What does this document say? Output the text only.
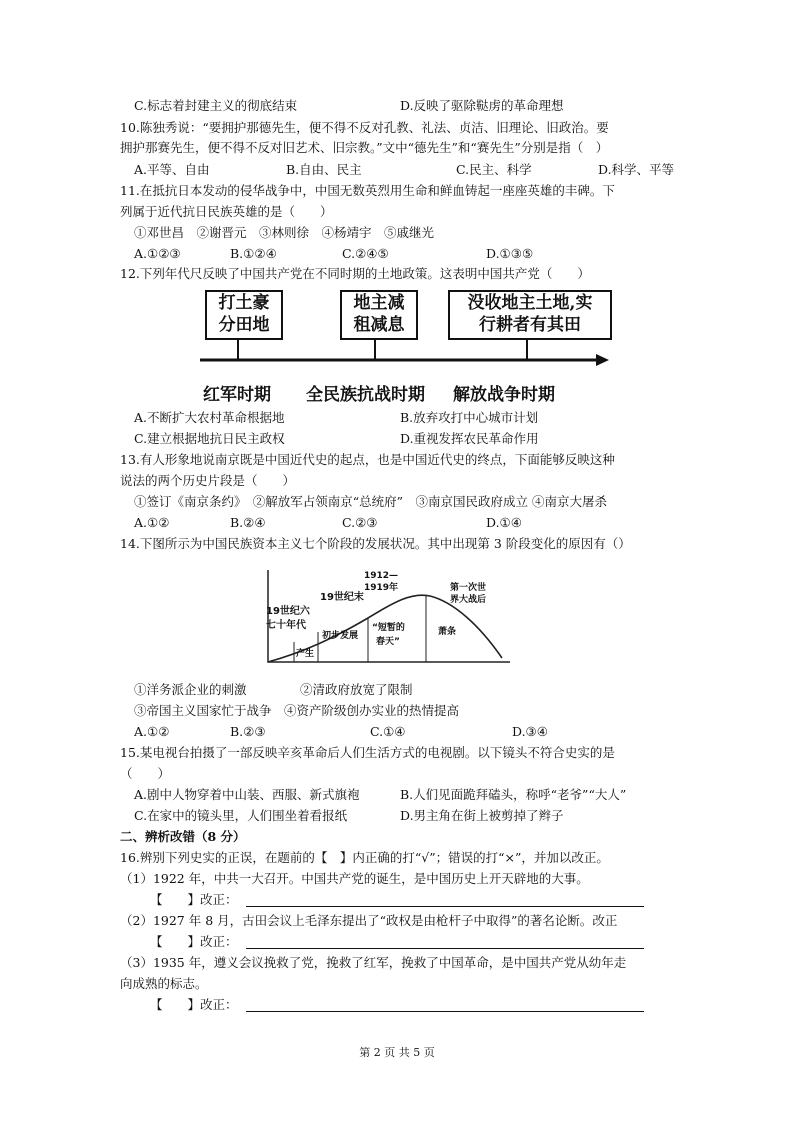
C.标志着封建主义的彻底结束	D.反映了驱除鞑虏的革命理想
10.陈独秀说：“要拥护那德先生，便不得不反对孔教、礼法、贞洁、旧理论、旧政治。要
拥护那赛先生，便不得不反对旧艺术、旧宗教。”文中“德先生”和“赛先生”分别是指（　）
A.平等、自由	B.自由、民主	C.民主、科学	D.科学、平等
11.在抵抗日本发动的侵华战争中，中国无数英烈用生命和鲜血铸起一座座英雄的丰碑。下
列属于近代抗日民族英雄的是（　　）
①邓世昌　②谢晋元　③林则徐　④杨靖宇　⑤戚继光
A.①②③	B.①②④	C.②④⑤	D.①③⑤
12.下列年代尺反映了中国共产党在不同时期的土地政策。这表明中国共产党（　　）
打土豪
分田地
地主减
租减息
没收地主土地,实
行耕者有其田
红军时期 全民族抗战时期 解放战争时期
A.不断扩大农村革命根据地	B.放弃攻打中心城市计划
C.建立根据地抗日民主政权	D.重视发挥农民革命作用
13.有人形象地说南京既是中国近代史的起点，也是中国近代史的终点，下面能够反映这种
说法的两个历史片段是（　　）
①签订《南京条约》　②解放军占领南京“总统府”　③南京国民政府成立 ④南京大屠杀
A.①②	B.②④	C.②③	D.①④
14.下图所示为中国民族资本主义七个阶段的发展状况。其中出现第 3 阶段变化的原因有（）
19世纪六
七十年代
产生
19世纪末
初步发展
1912—
1919年
“短暂的
春天”
第一次世
界大战后
萧条
①洋务派企业的刺激	②清政府放宽了限制
③帝国主义国家忙于战争　④资产阶级创办实业的热情提高
A.①②	B.②③	C.①④	D.③④
15.某电视台拍摄了一部反映辛亥革命后人们生活方式的电视剧。以下镜头不符合史实的是
（　　）
A.剧中人物穿着中山装、西服、新式旗袍	B.人们见面跪拜磕头，称呼“老爷”“大人”
C.在家中的镜头里，人们围坐着看报纸	D.男主角在街上被剪掉了辫子
二、辨析改错（8 分）
16.辨别下列史实的正误，在题前的【　】内正确的打“√”；错误的打“×”，并加以改正。
（1）1922 年，中共一大召开。中国共产党的诞生，是中国历史上开天辟地的大事。
【　　】改正：
（2）1927 年 8 月，古田会议上毛泽东提出了“政权是由枪杆子中取得”的著名论断。改正
【　　】改正：
（3）1935 年，遵义会议挽救了党，挽救了红军，挽救了中国革命，是中国共产党从幼年走
向成熟的标志。
【　　】改正：
第 2 页 共 5 页
